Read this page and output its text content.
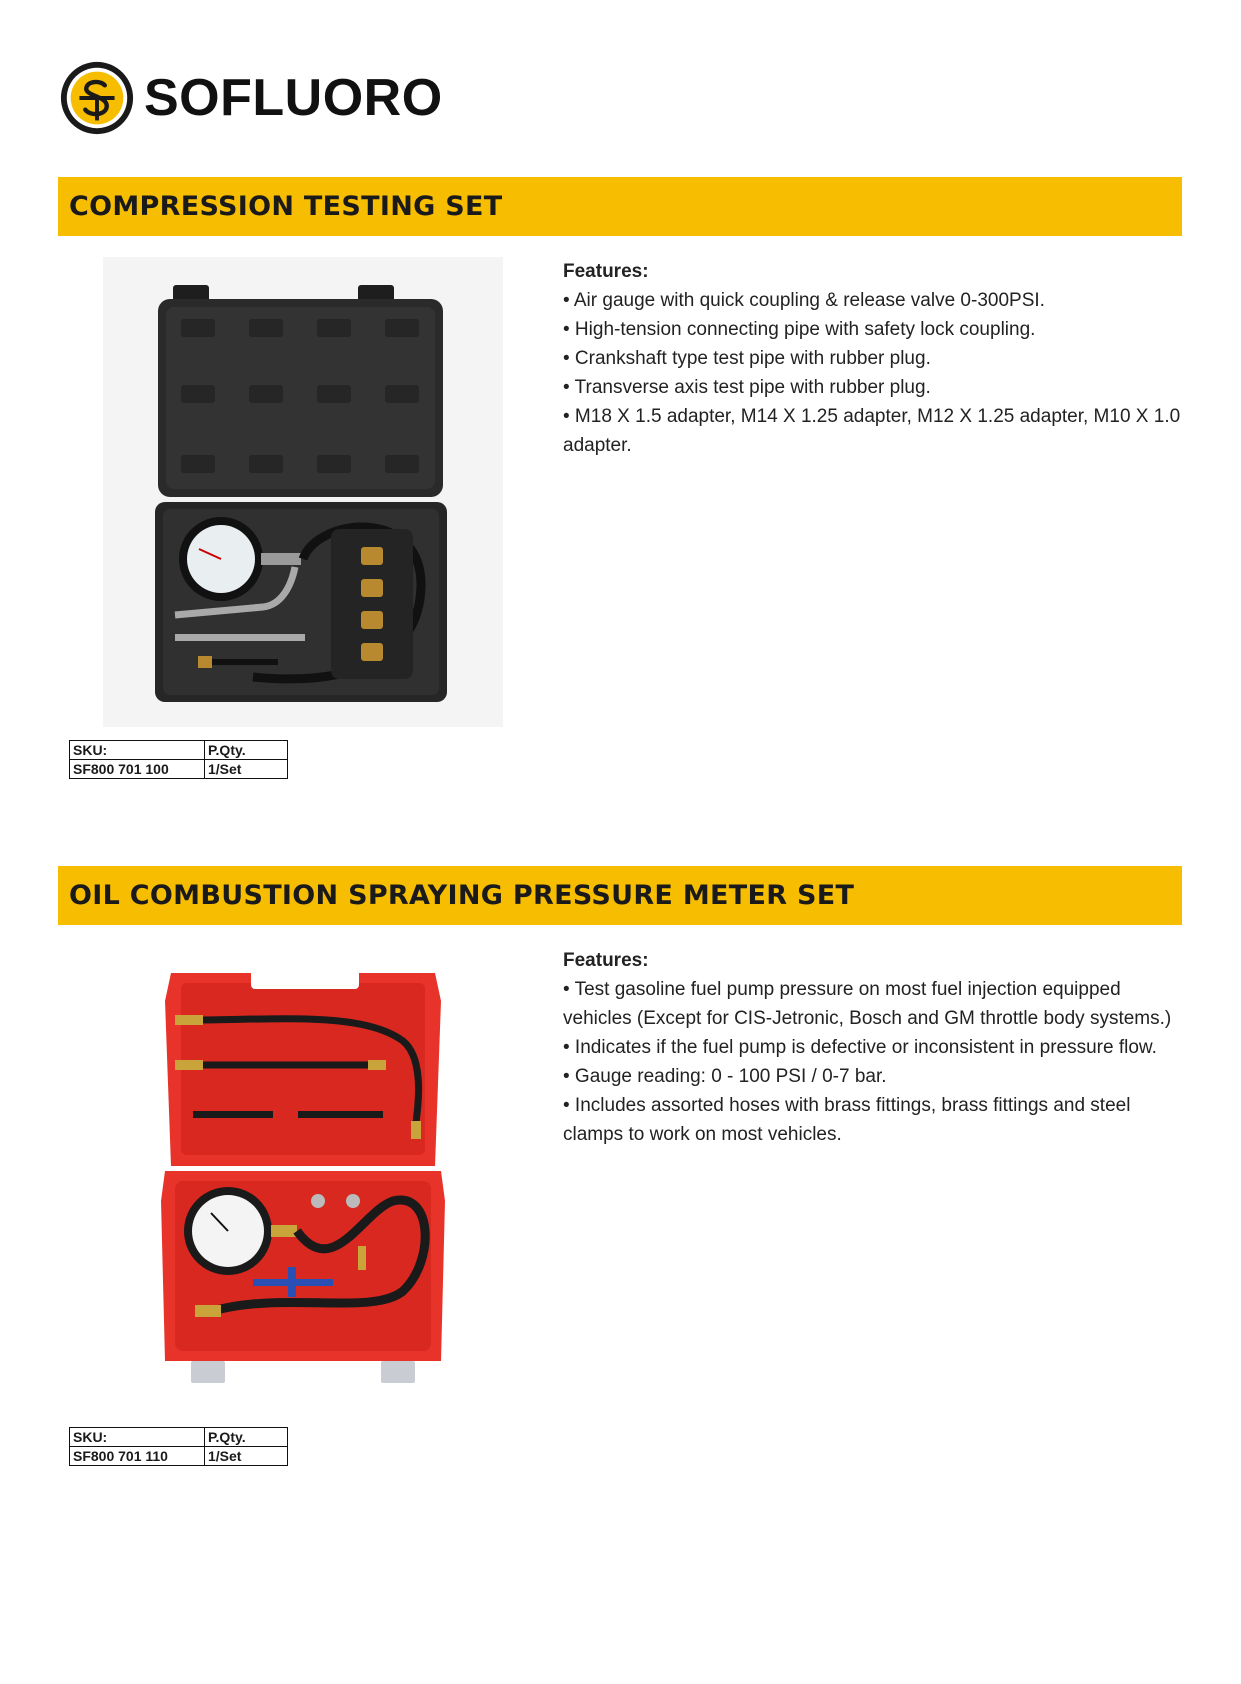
SOFLUORO
COMPRESSION TESTING SET
Features:

• Air gauge with quick coupling & release valve 0-300PSI.

• High-tension connecting pipe with safety lock coupling.

• Crankshaft type test pipe with rubber plug.

• Transverse axis test pipe with rubber plug.

• M18 X 1.5 adapter, M14 X 1.25 adapter, M12 X 1.25 adapter, M10 X 1.0 adapter.

SKU:	P.Qty.
SF800 701 100	1/Set
OIL COMBUSTION SPRAYING PRESSURE METER SET
Features:

• Test gasoline fuel pump pressure on most fuel injection equipped vehicles (Except for CIS-Jetronic, Bosch and GM throttle body systems.)

• Indicates if the fuel pump is defective or inconsistent in pressure flow.

• Gauge reading: 0 - 100 PSI / 0-7 bar.

• Includes assorted hoses with brass fittings, brass fittings and steel clamps to work on most vehicles.

SKU:	P.Qty.
SF800 701 110	1/Set
